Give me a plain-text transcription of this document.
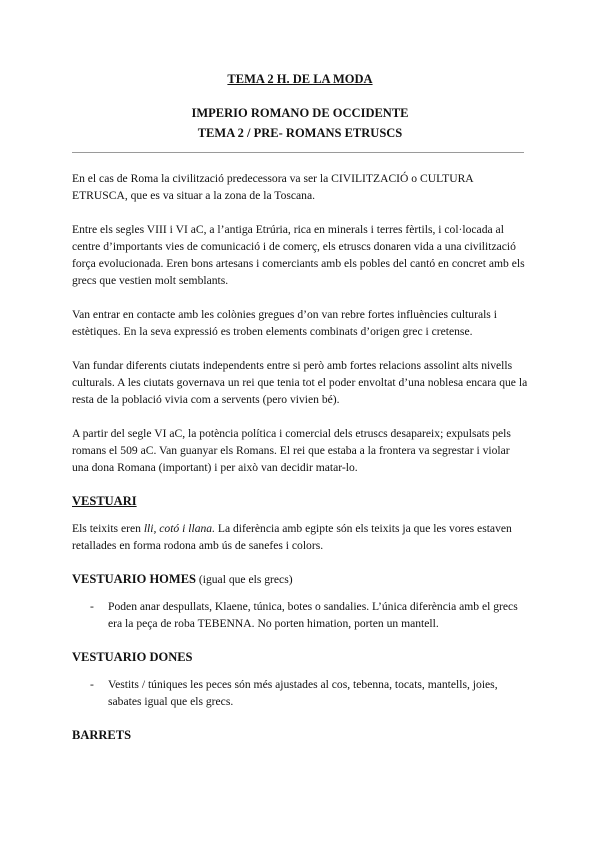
TEMA 2 H. DE LA MODA
IMPERIO ROMANO DE OCCIDENTE
TEMA 2 / PRE- ROMANS ETRUSCS

En el cas de Roma la civilització predecessora va ser la CIVILITZACIÓ o CULTURA ETRUSCA, que es va situar a la zona de la Toscana.

Entre els segles VIII i VI aC, a l’antiga Etrúria, rica en minerals i terres fèrtils, i col·locada al centre d’importants vies de comunicació i de comerç, els etruscs donaren vida a una civilització força evolucionada. Eren bons artesans i comerciants amb els pobles del cantó en concret amb els grecs que vestien molt semblants.

Van entrar en contacte amb les colònies gregues d’on van rebre fortes influències culturals i estètiques. En la seva expressió es troben elements combinats d’origen grec i cretense.

Van fundar diferents ciutats independents entre si però amb fortes relacions assolint alts nivells culturals. A les ciutats governava un rei que tenia tot el poder envoltat d’una noblesa encara que la resta de la població vivia com a servents (pero vivien bé).

A partir del segle VI aC, la potència política i comercial dels etruscs desapareix; expulsats pels romans el 509 aC. Van guanyar els Romans. El rei que estaba a la frontera va segrestar i violar una dona Romana (important) i per això van decidir matar-lo.

VESTUARI

Els teixits eren lli, cotó i llana. La diferència amb egipte són els teixits ja que les vores estaven retallades en forma rodona amb ús de sanefes i colors.

VESTUARIO HOMES (igual que els grecs)
- Poden anar despullats, Klaene, túnica, botes o sandalies. L’única diferència amb el grecs era la peça de roba TEBENNA. No porten himation, porten un mantell.
VESTUARIO DONES
- Vestits / túniques les peces són més ajustades al cos, tebenna, tocats, mantells, joies, sabates igual que els grecs.
BARRETS
